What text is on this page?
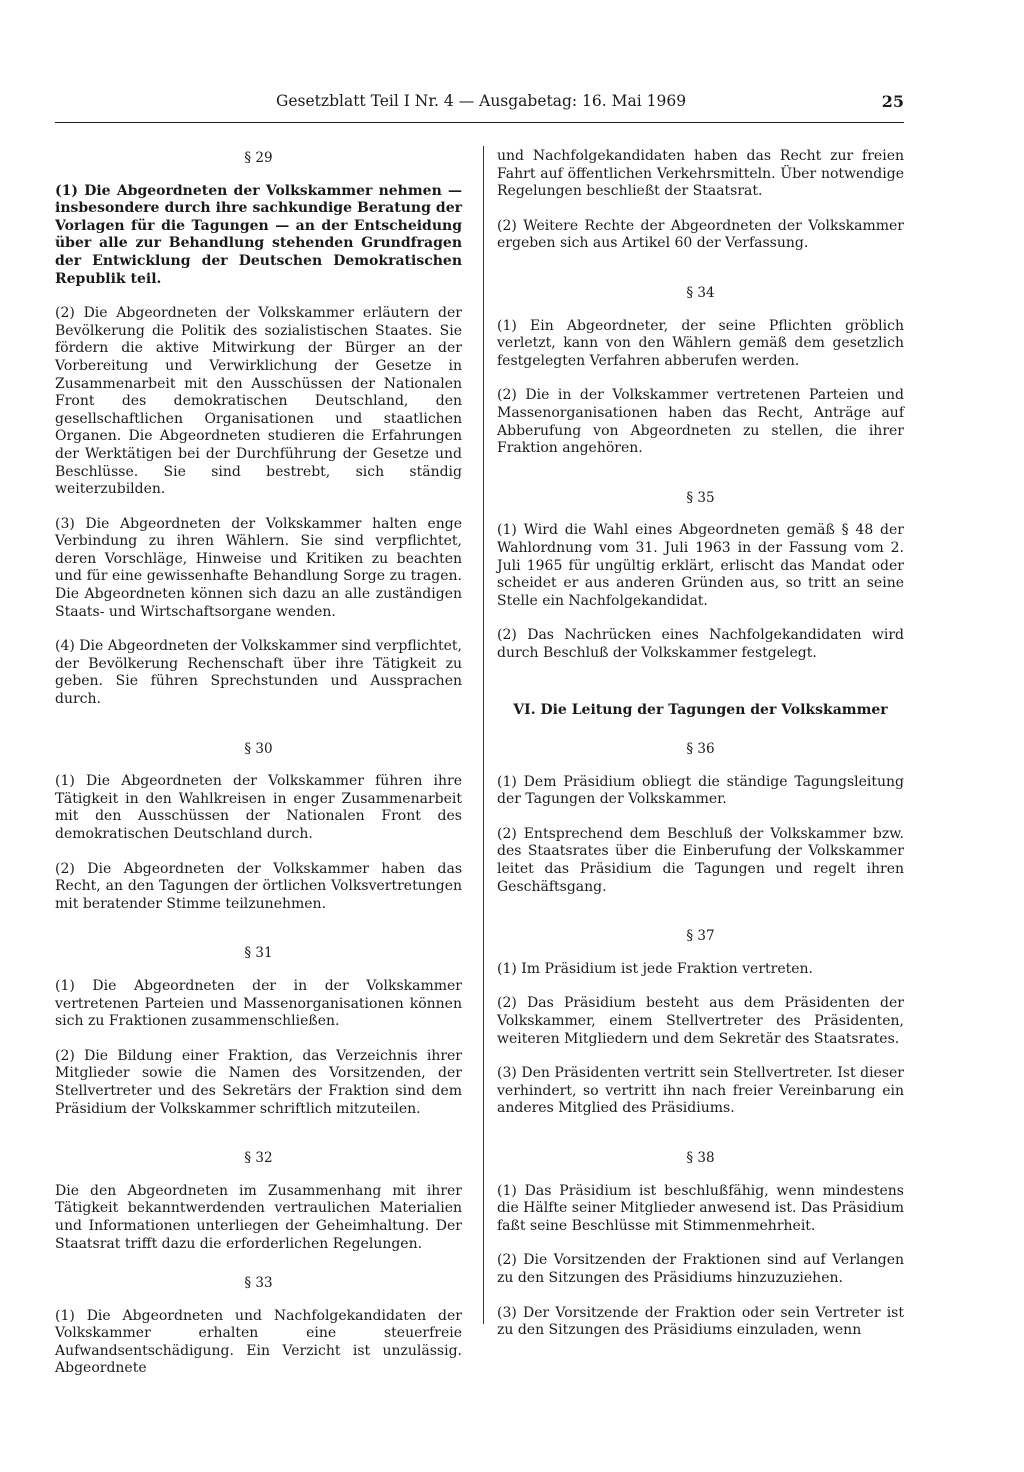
Gesetzblatt Teil I Nr. 4 — Ausgabetag: 16. Mai 1969	25

§ 29

(1) Die Abgeordneten der Volkskammer nehmen — insbesondere durch ihre sachkundige Beratung der Vorlagen für die Tagungen — an der Entscheidung über alle zur Behandlung stehenden Grundfragen der Entwicklung der Deutschen Demokratischen Republik teil.

(2) Die Abgeordneten der Volkskammer erläutern der Bevölkerung die Politik des sozialistischen Staates. Sie fördern die aktive Mitwirkung der Bürger an der Vorbereitung und Verwirklichung der Gesetze in Zusammenarbeit mit den Ausschüssen der Nationalen Front des demokratischen Deutschland, den gesellschaftlichen Organisationen und staatlichen Organen. Die Abgeordneten studieren die Erfahrungen der Werktätigen bei der Durchführung der Gesetze und Beschlüsse. Sie sind bestrebt, sich ständig weiterzubilden.

(3) Die Abgeordneten der Volkskammer halten enge Verbindung zu ihren Wählern. Sie sind verpflichtet, deren Vorschläge, Hinweise und Kritiken zu beachten und für eine gewissenhafte Behandlung Sorge zu tragen. Die Abgeordneten können sich dazu an alle zuständigen Staats- und Wirtschaftsorgane wenden.

(4) Die Abgeordneten der Volkskammer sind verpflichtet, der Bevölkerung Rechenschaft über ihre Tätigkeit zu geben. Sie führen Sprechstunden und Aussprachen durch.

§ 30

(1) Die Abgeordneten der Volkskammer führen ihre Tätigkeit in den Wahlkreisen in enger Zusammenarbeit mit den Ausschüssen der Nationalen Front des demokratischen Deutschland durch.

(2) Die Abgeordneten der Volkskammer haben das Recht, an den Tagungen der örtlichen Volksvertretungen mit beratender Stimme teilzunehmen.

§ 31

(1) Die Abgeordneten der in der Volkskammer vertretenen Parteien und Massenorganisationen können sich zu Fraktionen zusammenschließen.

(2) Die Bildung einer Fraktion, das Verzeichnis ihrer Mitglieder sowie die Namen des Vorsitzenden, der Stellvertreter und des Sekretärs der Fraktion sind dem Präsidium der Volkskammer schriftlich mitzuteilen.

§ 32

Die den Abgeordneten im Zusammenhang mit ihrer Tätigkeit bekanntwerdenden vertraulichen Materialien und Informationen unterliegen der Geheimhaltung. Der Staatsrat trifft dazu die erforderlichen Regelungen.

§ 33

(1) Die Abgeordneten und Nachfolgekandidaten der Volkskammer erhalten eine steuerfreie Aufwandsentschädigung. Ein Verzicht ist unzulässig. Abgeordnete

und Nachfolgekandidaten haben das Recht zur freien Fahrt auf öffentlichen Verkehrsmitteln. Über notwendige Regelungen beschließt der Staatsrat.

(2) Weitere Rechte der Abgeordneten der Volkskammer ergeben sich aus Artikel 60 der Verfassung.

§ 34

(1) Ein Abgeordneter, der seine Pflichten gröblich verletzt, kann von den Wählern gemäß dem gesetzlich festgelegten Verfahren abberufen werden.

(2) Die in der Volkskammer vertretenen Parteien und Massenorganisationen haben das Recht, Anträge auf Abberufung von Abgeordneten zu stellen, die ihrer Fraktion angehören.

§ 35

(1) Wird die Wahl eines Abgeordneten gemäß § 48 der Wahlordnung vom 31. Juli 1963 in der Fassung vom 2. Juli 1965 für ungültig erklärt, erlischt das Mandat oder scheidet er aus anderen Gründen aus, so tritt an seine Stelle ein Nachfolgekandidat.

(2) Das Nachrücken eines Nachfolgekandidaten wird durch Beschluß der Volkskammer festgelegt.

VI. Die Leitung der Tagungen der Volkskammer

§ 36

(1) Dem Präsidium obliegt die ständige Tagungsleitung der Tagungen der Volkskammer.

(2) Entsprechend dem Beschluß der Volkskammer bzw. des Staatsrates über die Einberufung der Volkskammer leitet das Präsidium die Tagungen und regelt ihren Geschäftsgang.

§ 37

(1) Im Präsidium ist jede Fraktion vertreten.

(2) Das Präsidium besteht aus dem Präsidenten der Volkskammer, einem Stellvertreter des Präsidenten, weiteren Mitgliedern und dem Sekretär des Staatsrates.

(3) Den Präsidenten vertritt sein Stellvertreter. Ist dieser verhindert, so vertritt ihn nach freier Vereinbarung ein anderes Mitglied des Präsidiums.

§ 38

(1) Das Präsidium ist beschlußfähig, wenn mindestens die Hälfte seiner Mitglieder anwesend ist. Das Präsidium faßt seine Beschlüsse mit Stimmenmehrheit.

(2) Die Vorsitzenden der Fraktionen sind auf Verlangen zu den Sitzungen des Präsidiums hinzuzuziehen.

(3) Der Vorsitzende der Fraktion oder sein Vertreter ist zu den Sitzungen des Präsidiums einzuladen, wenn
